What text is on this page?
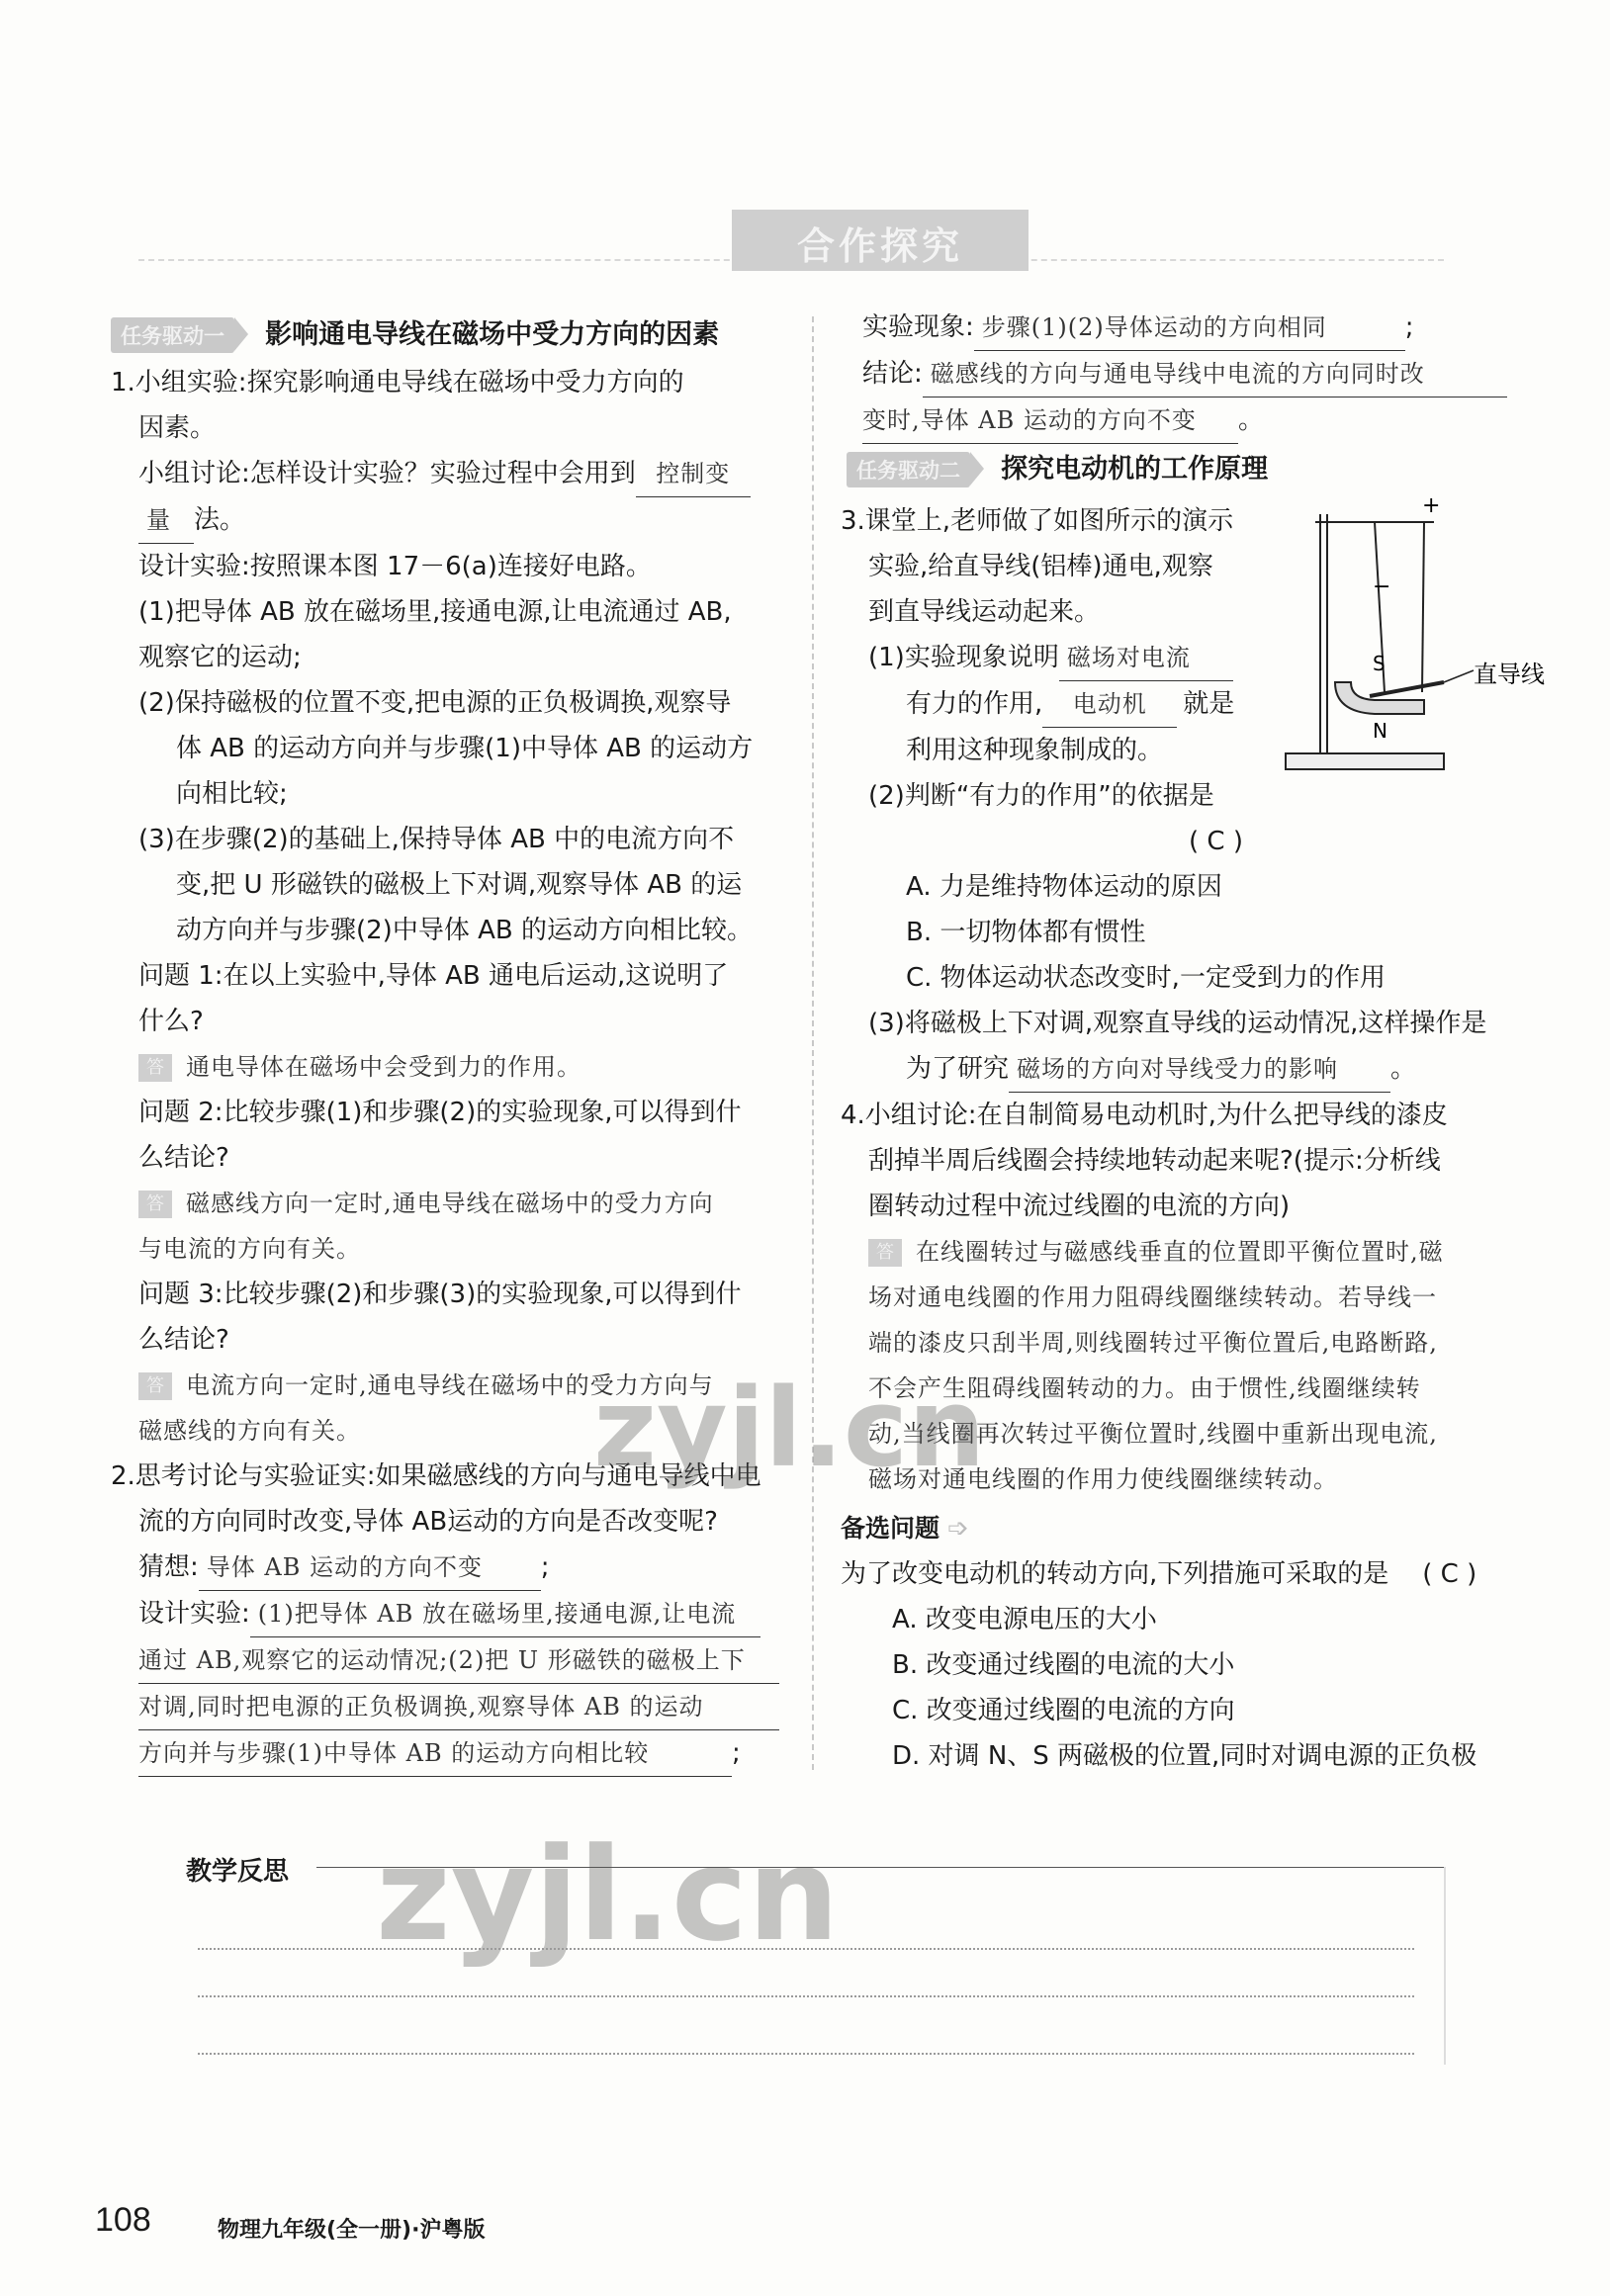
合作探究
任务驱动一 影响通电导线在磁场中受力方向的因素
1.小组实验:探究影响通电导线在磁场中受力方向的
因素。
小组讨论:怎样设计实验？实验过程中会用到 控制变
量 法。
设计实验:按照课本图 17－6(a)连接好电路。
(1)把导体 AB 放在磁场里,接通电源,让电流通过 AB,
观察它的运动;
(2)保持磁极的位置不变,把电源的正负极调换,观察导
体 AB 的运动方向并与步骤(1)中导体 AB 的运动方
向相比较;
(3)在步骤(2)的基础上,保持导体 AB 中的电流方向不
变,把 U 形磁铁的磁极上下对调,观察导体 AB 的运
动方向并与步骤(2)中导体 AB 的运动方向相比较。
问题 1:在以上实验中,导体 AB 通电后运动,这说明了
什么?
答 通电导体在磁场中会受到力的作用。
问题 2:比较步骤(1)和步骤(2)的实验现象,可以得到什
么结论?
答 磁感线方向一定时,通电导线在磁场中的受力方向
与电流的方向有关。
问题 3:比较步骤(2)和步骤(3)的实验现象,可以得到什
么结论?
答 电流方向一定时,通电导线在磁场中的受力方向与
磁感线的方向有关。
2.思考讨论与实验证实:如果磁感线的方向与通电导线中电
流的方向同时改变,导体 AB运动的方向是否改变呢?
猜想: 导体 AB 运动的方向不变 ;
设计实验: (1)把导体 AB 放在磁场里,接通电源,让电流
通过 AB,观察它的运动情况;(2)把 U 形磁铁的磁极上下
对调,同时把电源的正负极调换,观察导体 AB 的运动
方向并与步骤(1)中导体 AB 的运动方向相比较	;
实验现象: 步骤(1)(2)导体运动的方向相同	;
结论: 磁感线的方向与通电导线中电流的方向同时改
变时,导体 AB 运动的方向不变 。
任务驱动二 探究电动机的工作原理
3.课堂上,老师做了如图所示的演示
实验,给直导线(铝棒)通电,观察
到直导线运动起来。
(1)实验现象说明 磁场对电流
有力的作用, 电动机 就是
利用这种现象制成的。
(2)判断“有力的作用”的依据是
( C )
A. 力是维持物体运动的原因
B. 一切物体都有惯性
C. 物体运动状态改变时,一定受到力的作用
(3)将磁极上下对调,观察直导线的运动情况,这样操作是
为了研究 磁场的方向对导线受力的影响 。
4.小组讨论:在自制简易电动机时,为什么把导线的漆皮
刮掉半周后线圈会持续地转动起来呢?(提示:分析线
圈转动过程中流过线圈的电流的方向)
答 在线圈转过与磁感线垂直的位置即平衡位置时,磁
场对通电线圈的作用力阻碍线圈继续转动。若导线一
端的漆皮只刮半周,则线圈转过平衡位置后,电路断路,
不会产生阻碍线圈转动的力。由于惯性,线圈继续转
动,当线圈再次转过平衡位置时,线圈中重新出现电流,
磁场对通电线圈的作用力使线圈继续转动。
备选问题 ➩
为了改变电动机的转动方向,下列措施可采取的是 ( C )
A. 改变电源电压的大小
B. 改变通过线圈的电流的大小
C. 改变通过线圈的电流的方向
D. 对调 N、S 两磁极的位置,同时对调电源的正负极
+
−
S
N
直导线
zyjl.cn
zyjl.cn
教学反思
108	物理九年级(全一册)·沪粤版
